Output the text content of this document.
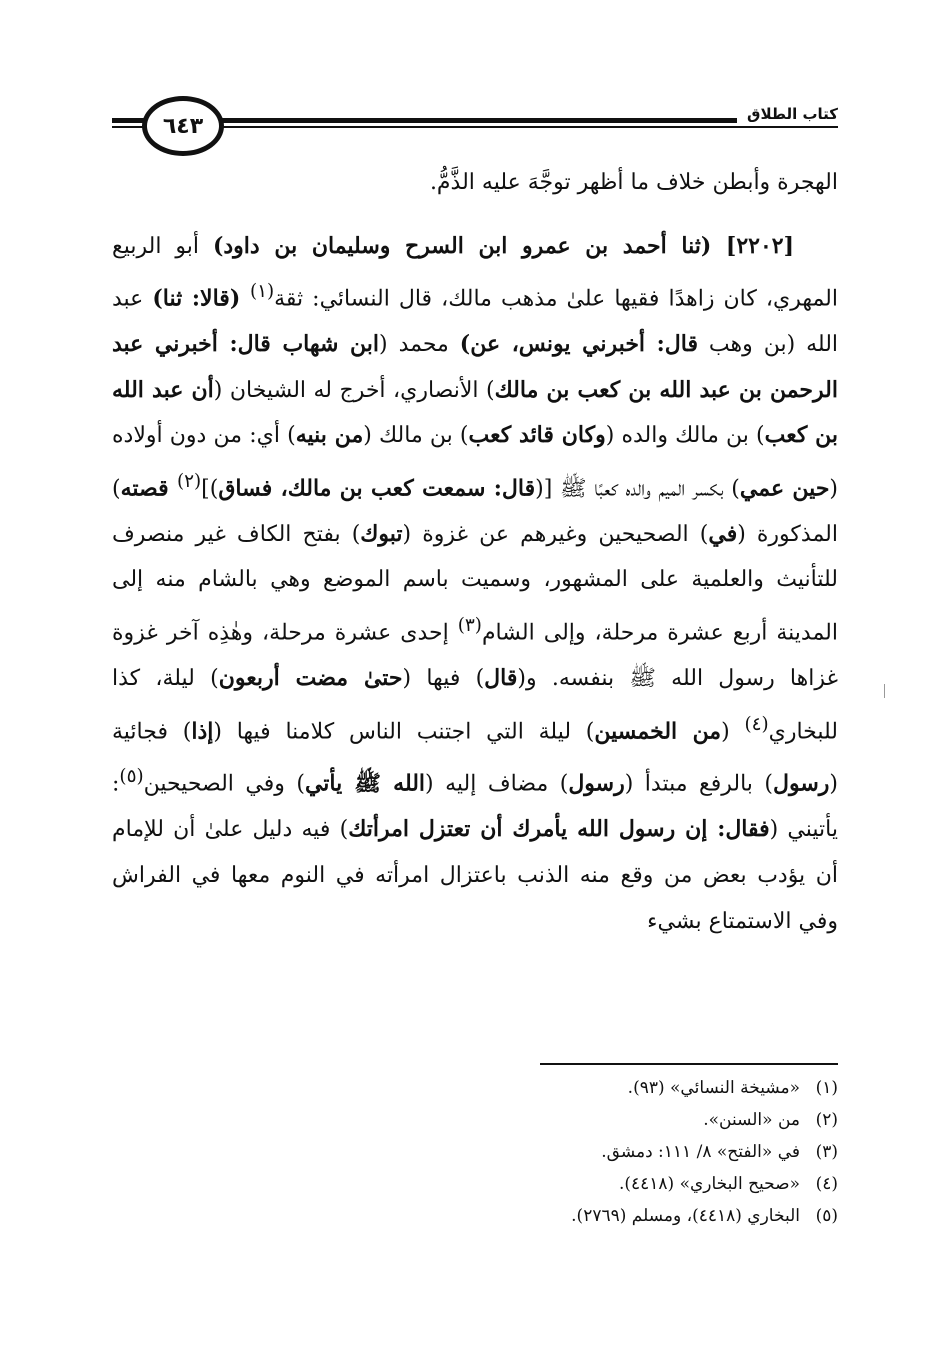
كتاب الطلاق
٦٤٣

الهجرة وأبطن خلاف ما أظهر توجَّهَ عليه الذَّمُّ.

[٢٢٠٢] (ثنا أحمد بن عمرو ابن السرح وسليمان بن داود) أبو الربيع المهري، كان زاهدًا فقيها علىٰ مذهب مالك، قال النسائي: ثقة$^{(١)}$ (قالا: ثنا) عبد الله (بن وهب قال: أخبرني يونس، عن) محمد (ابن شهاب قال: أخبرني عبد الرحمن بن عبد الله بن كعب بن مالك) الأنصاري، أخرج له الشيخان (أن عبد الله بن كعب) بن مالك والده (وكان قائد كعب) بن مالك (من بنيه) أي: من دون أولاده (حين عمي) بكسر الميم والده كعبًا ﷺ [(قال: سمعت كعب بن مالك، فساق)]$^{(٢)}$ قصته) المذكورة (في) الصحيحين وغيرهم عن غزوة (تبوك) بفتح الكاف غير منصرف للتأنيث والعلمية على المشهور، وسميت باسم الموضع وهي بالشام منه إلى المدينة أربع عشرة مرحلة، وإلى الشام$^{(٣)}$ إحدى عشرة مرحلة، وهٰذِه آخر غزوة غزاها رسول الله ﷺ بنفسه. و(قال) فيها (حتىٰ مضت أربعون) ليلة، كذا للبخاري$^{(٤)}$ (من الخمسين) ليلة التي اجتنب الناس كلامنا فيها (إذا) فجائية (رسول) بالرفع مبتدأ (رسول) مضاف إليه (الله ﷺ يأتي) وفي الصحيحين$^{(٥)}$: يأتيني (فقال: إن رسول الله يأمرك أن تعتزل امرأتك) فيه دليل علىٰ أن للإمام أن يؤدب بعض من وقع منه الذنب باعتزال امرأته في النوم معها في الفراش وفي الاستمتاع بشيء

(١)«مشيخة النسائي» (٩٣).
(٢)من «السنن».
(٣)في «الفتح» ٨/ ١١١: دمشق.
(٤)«صحيح البخاري» (٤٤١٨).
(٥)البخاري (٤٤١٨)، ومسلم (٢٧٦٩).
